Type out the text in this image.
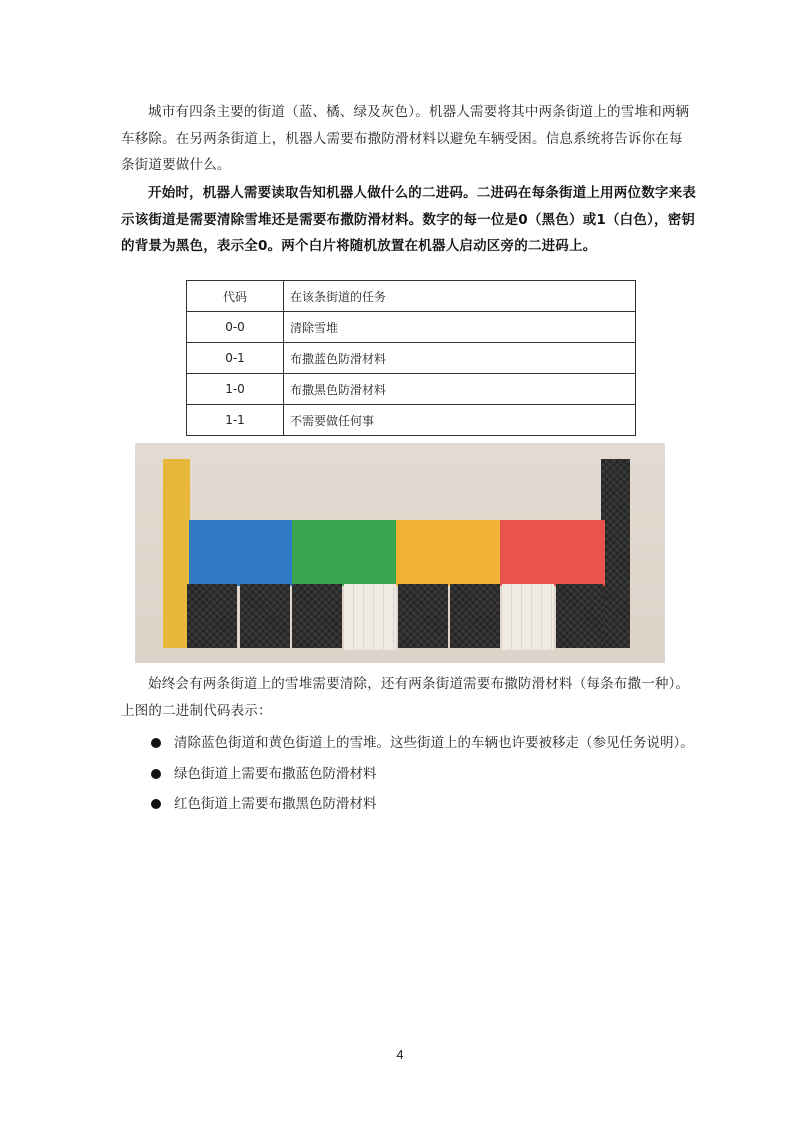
城市有四条主要的街道（蓝、橘、绿及灰色）。机器人需要将其中两条街道上的雪堆和两辆车移除。在另两条街道上，机器人需要布撒防滑材料以避免车辆受困。信息系统将告诉你在每条街道要做什么。

开始时，机器人需要读取告知机器人做什么的二进码。二进码在每条街道上用两位数字来表示该街道是需要清除雪堆还是需要布撒防滑材料。数字的每一位是0（黑色）或1（白色），密钥的背景为黑色，表示全0。两个白片将随机放置在机器人启动区旁的二进码上。

代码	在该条街道的任务
0-0	清除雪堆
0-1	布撒蓝色防滑材料
1-0	布撒黑色防滑材料
1-1	不需要做任何事

始终会有两条街道上的雪堆需要清除，还有两条街道需要布撒防滑材料（每条布撒一种）。上图的二进制代码表示：

清除蓝色街道和黄色街道上的雪堆。这些街道上的车辆也许要被移走（参见任务说明）。
绿色街道上需要布撒蓝色防滑材料
红色街道上需要布撒黑色防滑材料
4
